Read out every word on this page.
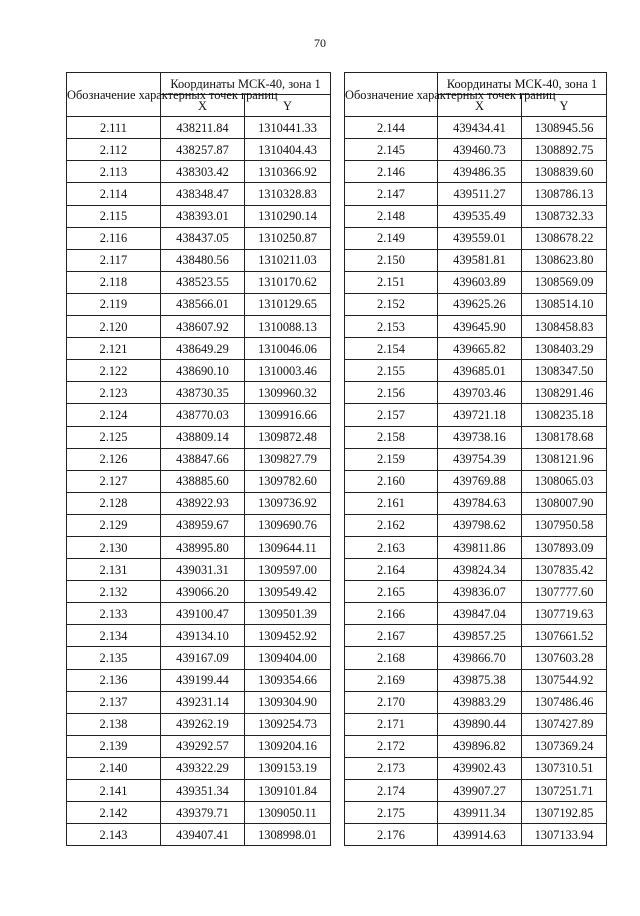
70
Обозначение характерных точек границ	Координаты МСК-40, зона 1	
	X	Y
2.111	438211.84	1310441.33
2.112	438257.87	1310404.43
2.113	438303.42	1310366.92
2.114	438348.47	1310328.83
2.115	438393.01	1310290.14
2.116	438437.05	1310250.87
2.117	438480.56	1310211.03
2.118	438523.55	1310170.62
2.119	438566.01	1310129.65
2.120	438607.92	1310088.13
2.121	438649.29	1310046.06
2.122	438690.10	1310003.46
2.123	438730.35	1309960.32
2.124	438770.03	1309916.66
2.125	438809.14	1309872.48
2.126	438847.66	1309827.79
2.127	438885.60	1309782.60
2.128	438922.93	1309736.92
2.129	438959.67	1309690.76
2.130	438995.80	1309644.11
2.131	439031.31	1309597.00
2.132	439066.20	1309549.42
2.133	439100.47	1309501.39
2.134	439134.10	1309452.92
2.135	439167.09	1309404.00
2.136	439199.44	1309354.66
2.137	439231.14	1309304.90
2.138	439262.19	1309254.73
2.139	439292.57	1309204.16
2.140	439322.29	1309153.19
2.141	439351.34	1309101.84
2.142	439379.71	1309050.11
2.143	439407.41	1308998.01
Обозначение характерных точек границ	Координаты МСК-40, зона 1	
	X	Y
2.144	439434.41	1308945.56
2.145	439460.73	1308892.75
2.146	439486.35	1308839.60
2.147	439511.27	1308786.13
2.148	439535.49	1308732.33
2.149	439559.01	1308678.22
2.150	439581.81	1308623.80
2.151	439603.89	1308569.09
2.152	439625.26	1308514.10
2.153	439645.90	1308458.83
2.154	439665.82	1308403.29
2.155	439685.01	1308347.50
2.156	439703.46	1308291.46
2.157	439721.18	1308235.18
2.158	439738.16	1308178.68
2.159	439754.39	1308121.96
2.160	439769.88	1308065.03
2.161	439784.63	1308007.90
2.162	439798.62	1307950.58
2.163	439811.86	1307893.09
2.164	439824.34	1307835.42
2.165	439836.07	1307777.60
2.166	439847.04	1307719.63
2.167	439857.25	1307661.52
2.168	439866.70	1307603.28
2.169	439875.38	1307544.92
2.170	439883.29	1307486.46
2.171	439890.44	1307427.89
2.172	439896.82	1307369.24
2.173	439902.43	1307310.51
2.174	439907.27	1307251.71
2.175	439911.34	1307192.85
2.176	439914.63	1307133.94
